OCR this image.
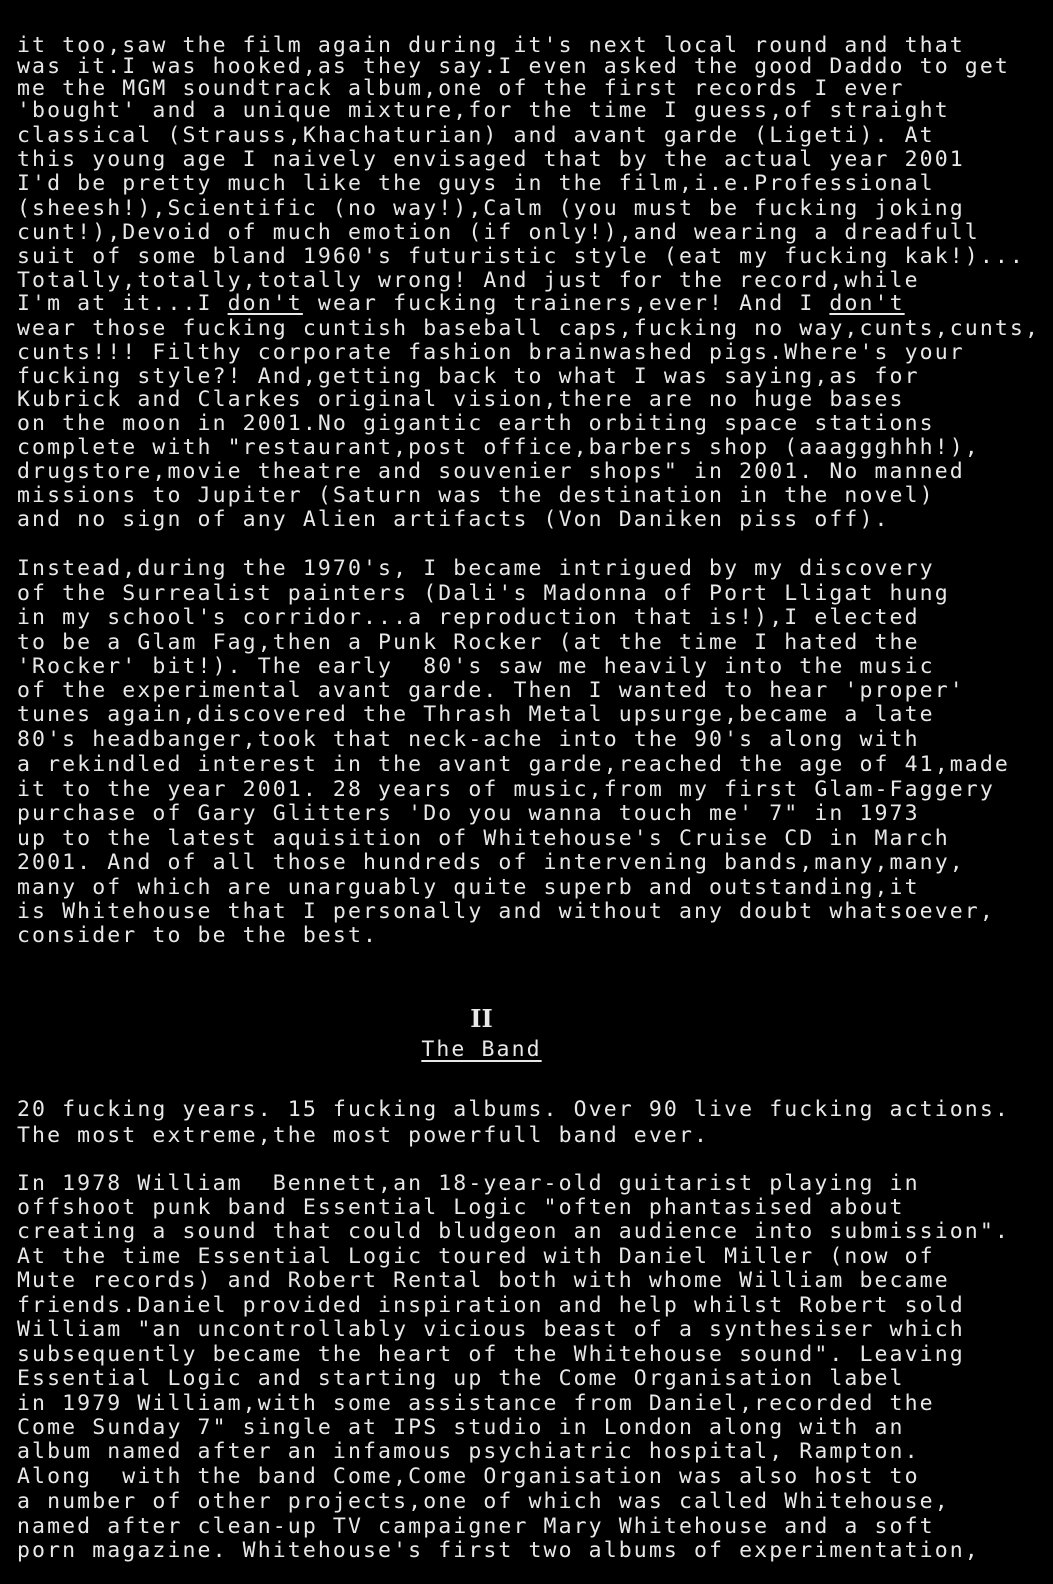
it too,saw the film again during it's next local round and that
was it.I was hooked,as they say.I even asked the good Daddo to get
me the MGM soundtrack album,one of the first records I ever
'bought' and a unique mixture,for the time I guess,of straight
classical (Strauss,Khachaturian) and avant garde (Ligeti). At
this young age I naively envisaged that by the actual year 2001
I'd be pretty much like the guys in the film,i.e.Professional
(sheesh!),Scientific (no way!),Calm (you must be fucking joking
cunt!),Devoid of much emotion (if only!),and wearing a dreadfull
suit of some bland 1960's futuristic style (eat my fucking kak!)...
Totally,totally,totally wrong! And just for the record,while
I'm at it...I don't wear fucking trainers,ever! And I don't
wear those fucking cuntish baseball caps,fucking no way,cunts,cunts,
cunts!!! Filthy corporate fashion brainwashed pigs.Where's your
fucking style?! And,getting back to what I was saying,as for
Kubrick and Clarkes original vision,there are no huge bases
on the moon in 2001.No gigantic earth orbiting space stations
complete with "restaurant,post office,barbers shop (aaaggghhh!),
drugstore,movie theatre and souvenier shops" in 2001. No manned
missions to Jupiter (Saturn was the destination in the novel)
and no sign of any Alien artifacts (Von Daniken piss off).
Instead,during the 1970's, I became intrigued by my discovery
of the Surrealist painters (Dali's Madonna of Port Lligat hung
in my school's corridor...a reproduction that is!),I elected
to be a Glam Fag,then a Punk Rocker (at the time I hated the
'Rocker' bit!). The early  80's saw me heavily into the music
of the experimental avant garde. Then I wanted to hear 'proper'
tunes again,discovered the Thrash Metal upsurge,became a late
80's headbanger,took that neck-ache into the 90's along with
a rekindled interest in the avant garde,reached the age of 41,made
it to the year 2001. 28 years of music,from my first Glam-Faggery
purchase of Gary Glitters 'Do you wanna touch me' 7" in 1973
up to the latest aquisition of Whitehouse's Cruise CD in March
2001. And of all those hundreds of intervening bands,many,many,
many of which are unarguably quite superb and outstanding,it
is Whitehouse that I personally and without any doubt whatsoever,
consider to be the best.
II
The Band
20 fucking years. 15 fucking albums. Over 90 live fucking actions.
The most extreme,the most powerfull band ever.
In 1978 William  Bennett,an 18-year-old guitarist playing in
offshoot punk band Essential Logic "often phantasised about
creating a sound that could bludgeon an audience into submission".
At the time Essential Logic toured with Daniel Miller (now of
Mute records) and Robert Rental both with whome William became
friends.Daniel provided inspiration and help whilst Robert sold
William "an uncontrollably vicious beast of a synthesiser which
subsequently became the heart of the Whitehouse sound". Leaving
Essential Logic and starting up the Come Organisation label
in 1979 William,with some assistance from Daniel,recorded the
Come Sunday 7" single at IPS studio in London along with an
album named after an infamous psychiatric hospital, Rampton.
Along  with the band Come,Come Organisation was also host to
a number of other projects,one of which was called Whitehouse,
named after clean-up TV campaigner Mary Whitehouse and a soft
porn magazine. Whitehouse's first two albums of experimentation,
